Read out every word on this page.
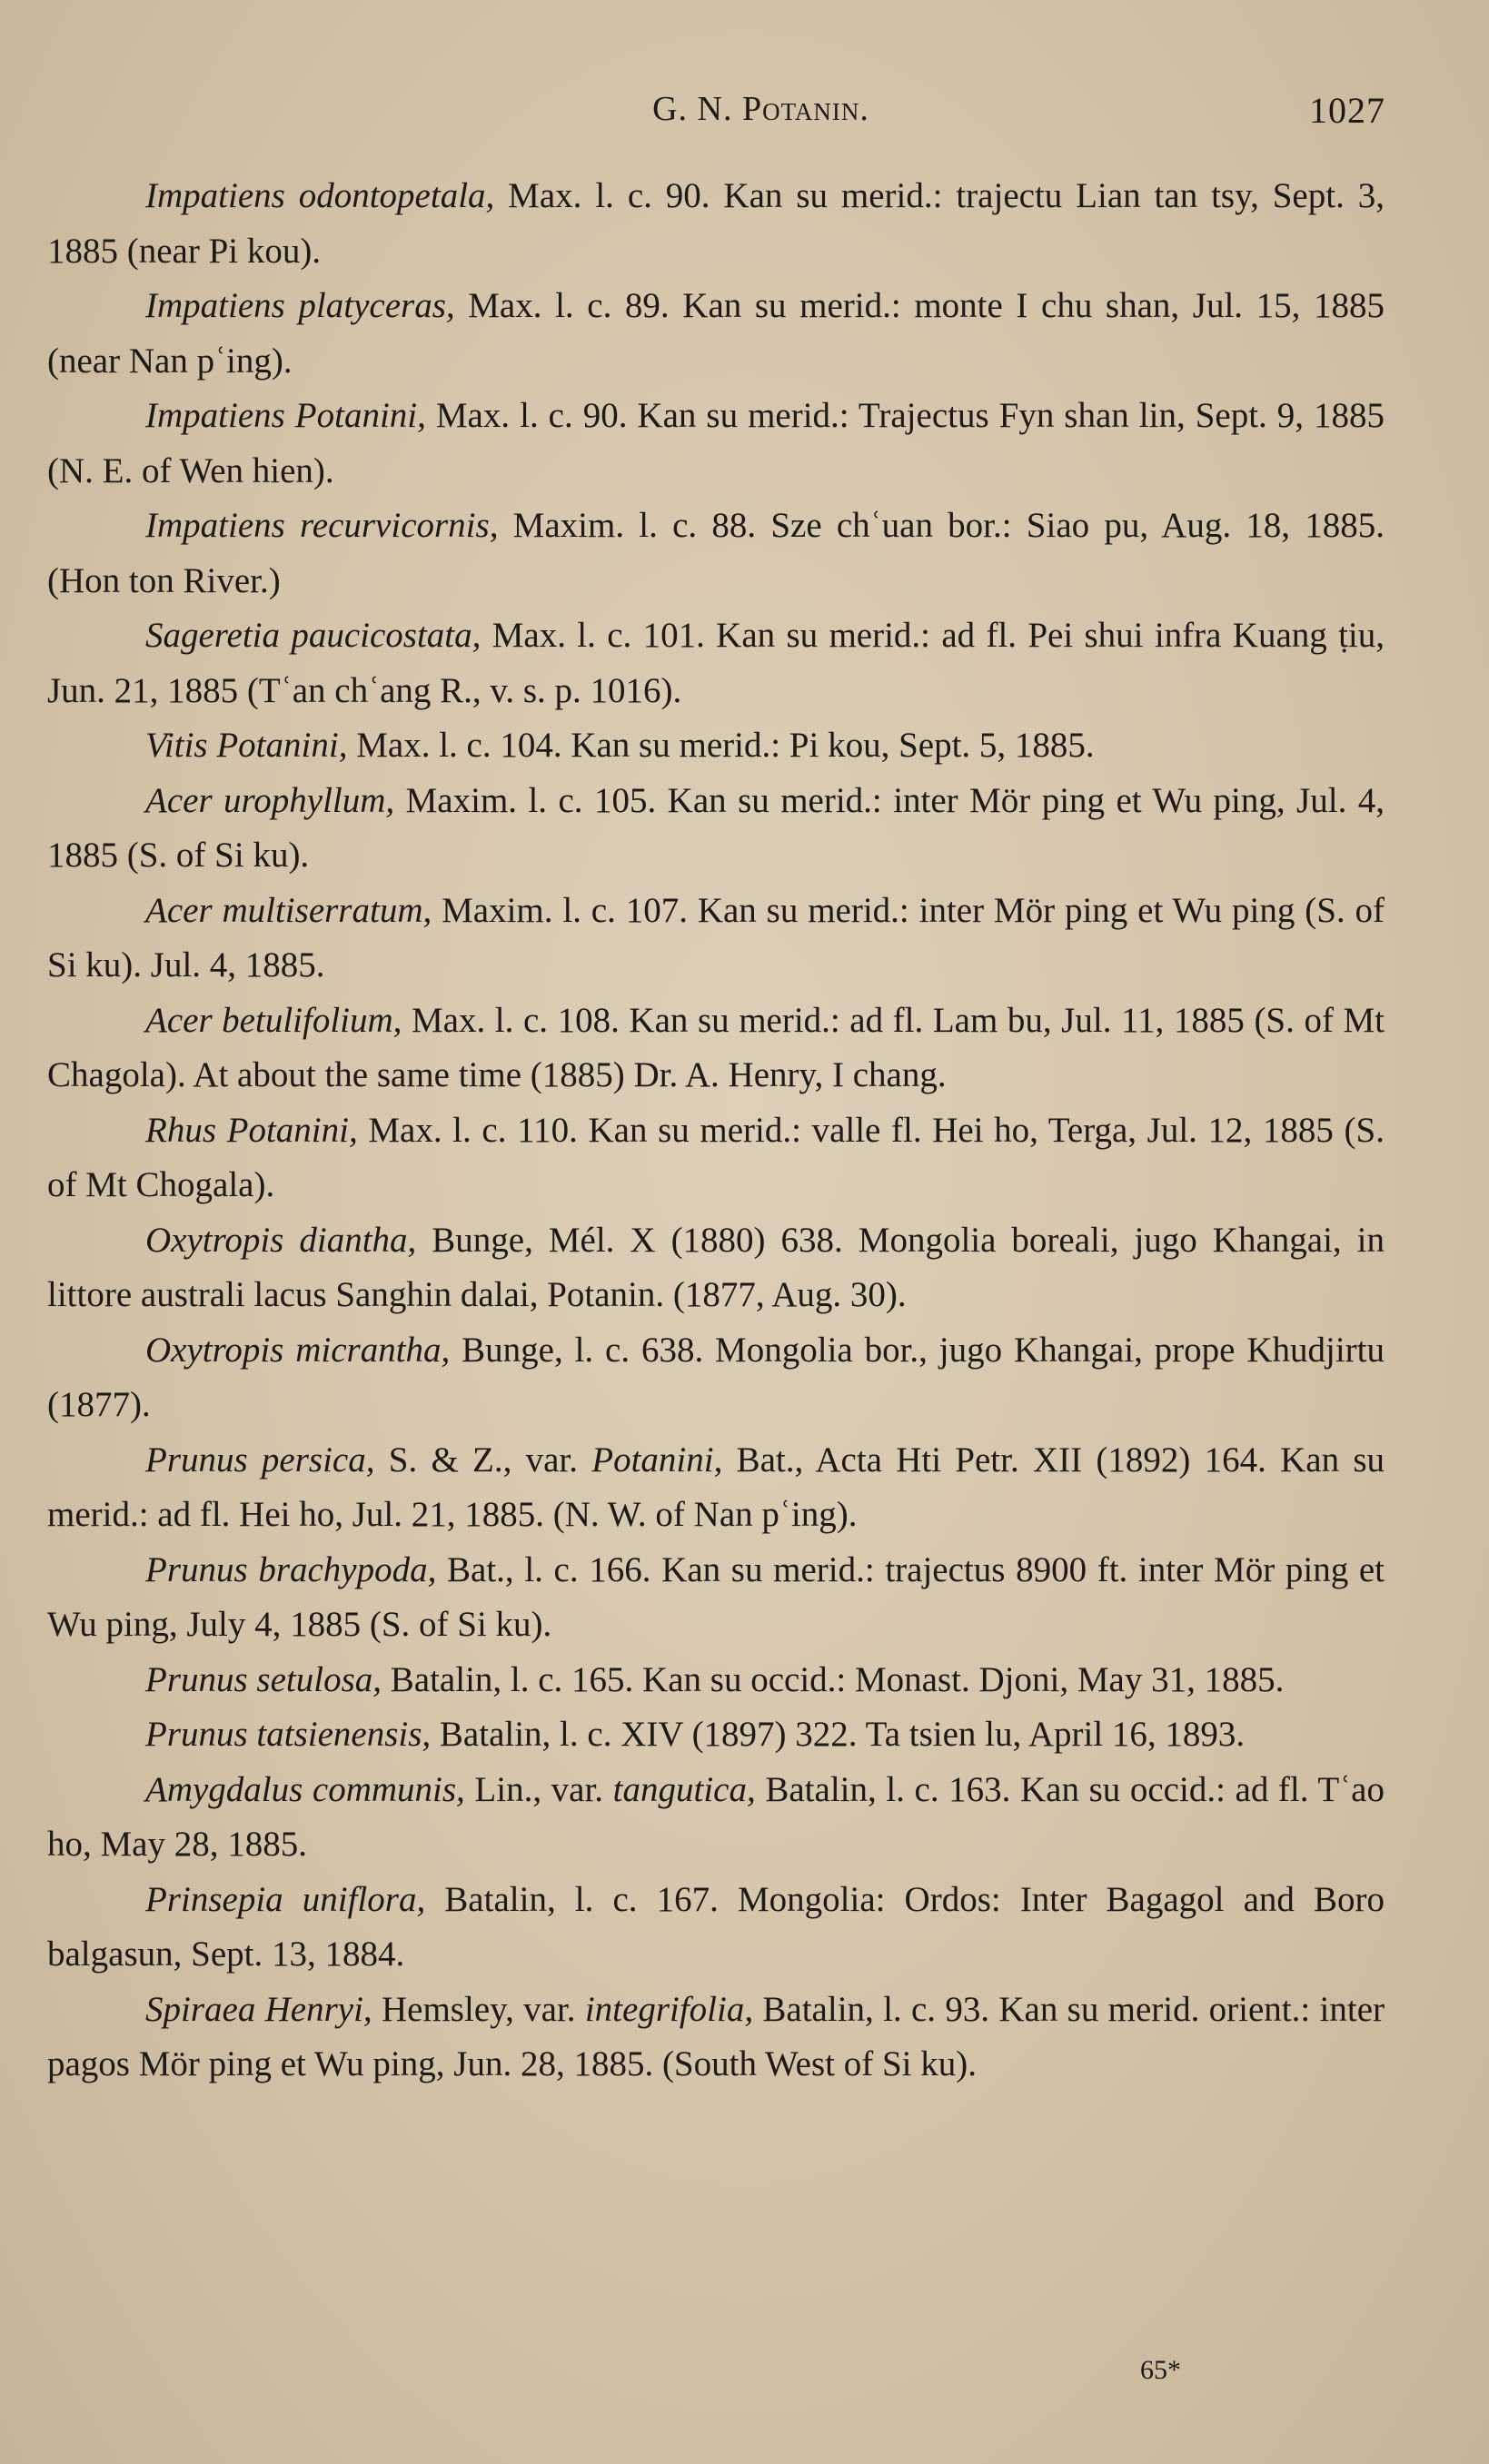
G. N. Potanin.	1027

Impatiens odontopetala, Max. l. c. 90. Kan su merid.: trajectu Lian tan tsy, Sept. 3, 1885 (near Pi kou).

Impatiens platyceras, Max. l. c. 89. Kan su merid.: monte I chu shan, Jul. 15, 1885 (near Nan pʿing).

Impatiens Potanini, Max. l. c. 90. Kan su merid.: Trajectus Fyn shan lin, Sept. 9, 1885 (N. E. of Wen hien).

Impatiens recurvicornis, Maxim. l. c. 88. Sze chʿuan bor.: Siao pu, Aug. 18, 1885. (Hon ton River.)

Sageretia paucicostata, Max. l. c. 101. Kan su merid.: ad fl. Pei shui infra Kuang ṭiu, Jun. 21, 1885 (Tʿan chʿang R., v. s. p. 1016).

Vitis Potanini, Max. l. c. 104. Kan su merid.: Pi kou, Sept. 5, 1885.

Acer urophyllum, Maxim. l. c. 105. Kan su merid.: inter Mör ping et Wu ping, Jul. 4, 1885 (S. of Si ku).

Acer multiserratum, Maxim. l. c. 107. Kan su merid.: inter Mör ping et Wu ping (S. of Si ku). Jul. 4, 1885.

Acer betulifolium, Max. l. c. 108. Kan su merid.: ad fl. Lam bu, Jul. 11, 1885 (S. of Mt Chagola). At about the same time (1885) Dr. A. Henry, I chang.

Rhus Potanini, Max. l. c. 110. Kan su merid.: valle fl. Hei ho, Terga, Jul. 12, 1885 (S. of Mt Chogala).

Oxytropis diantha, Bunge, Mél. X (1880) 638. Mongolia boreali, jugo Khangai, in littore australi lacus Sanghin dalai, Potanin. (1877, Aug. 30).

Oxytropis micrantha, Bunge, l. c. 638. Mongolia bor., jugo Khangai, prope Khudjirtu (1877).

Prunus persica, S. & Z., var. Potanini, Bat., Acta Hti Petr. XII (1892) 164. Kan su merid.: ad fl. Hei ho, Jul. 21, 1885. (N. W. of Nan pʿing).

Prunus brachypoda, Bat., l. c. 166. Kan su merid.: trajectus 8900 ft. inter Mör ping et Wu ping, July 4, 1885 (S. of Si ku).

Prunus setulosa, Batalin, l. c. 165. Kan su occid.: Monast. Djoni, May 31, 1885.

Prunus tatsienensis, Batalin, l. c. XIV (1897) 322. Ta tsien lu, April 16, 1893.

Amygdalus communis, Lin., var. tangutica, Batalin, l. c. 163. Kan su occid.: ad fl. Tʿao ho, May 28, 1885.

Prinsepia uniflora, Batalin, l. c. 167. Mongolia: Ordos: Inter Bagagol and Boro balgasun, Sept. 13, 1884.

Spiraea Henryi, Hemsley, var. integrifolia, Batalin, l. c. 93. Kan su merid. orient.: inter pagos Mör ping et Wu ping, Jun. 28, 1885. (South West of Si ku).

65*
